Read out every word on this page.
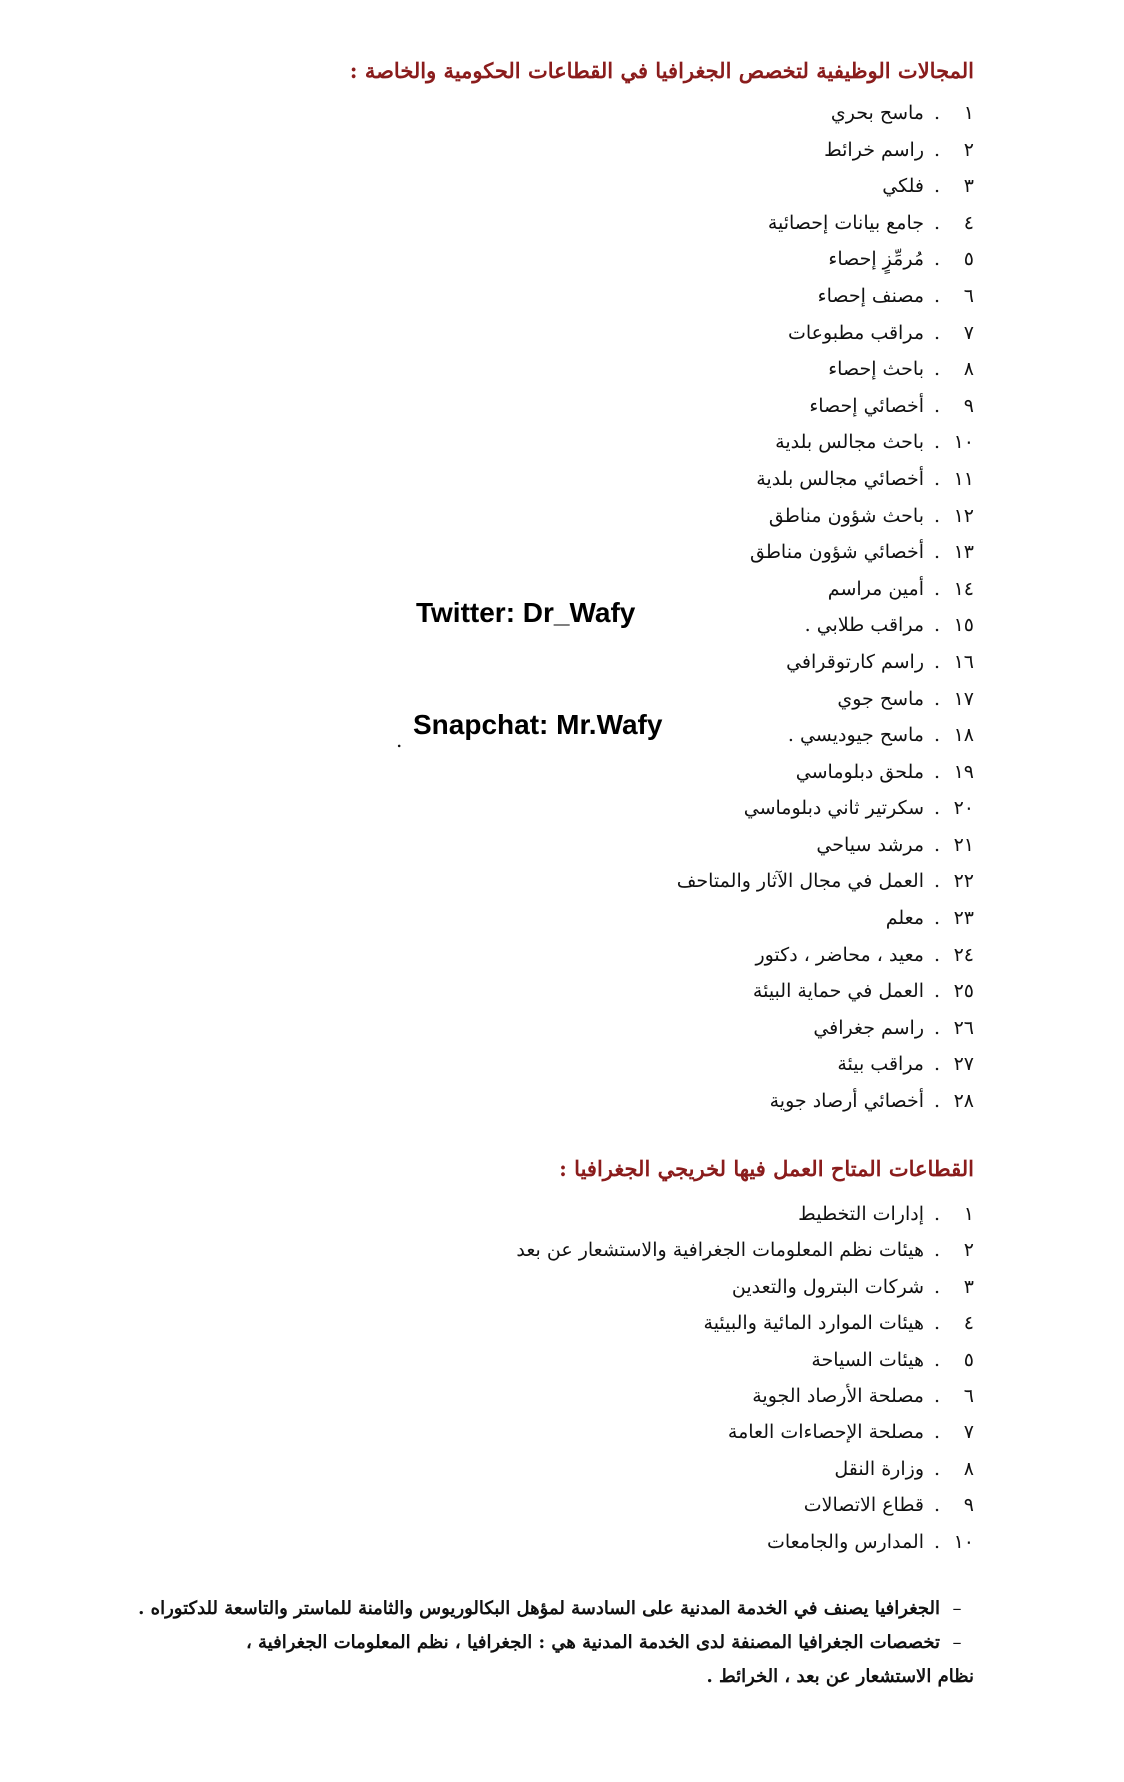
المجالات الوظيفية لتخصص الجغرافيا في القطاعات الحكومية والخاصة :
١.ماسح بحري
٢.راسم خرائط
٣.فلكي
٤.جامع بيانات إحصائية
٥.مُرمِّزٍ إحصاء
٦.مصنف إحصاء
٧.مراقب مطبوعات
٨.باحث إحصاء
٩.أخصائي إحصاء
١٠.باحث مجالس بلدية
١١.أخصائي مجالس بلدية
١٢.باحث شؤون مناطق
١٣.أخصائي شؤون مناطق
١٤.أمين مراسم
١٥.مراقب طلابي .
١٦.راسم كارتوقرافي
١٧.ماسح جوي
١٨.ماسح جيوديسي .
١٩.ملحق دبلوماسي
٢٠.سكرتير ثاني دبلوماسي
٢١.مرشد سياحي
٢٢.العمل في مجال الآثار والمتاحف
٢٣.معلم
٢٤.معيد ، محاضر ، دكتور
٢٥.العمل في حماية البيئة
٢٦.راسم جغرافي
٢٧.مراقب بيئة
٢٨.أخصائي أرصاد جوية
القطاعات المتاح العمل فيها لخريجي الجغرافيا :
١.إدارات التخطيط
٢.هيئات نظم المعلومات الجغرافية والاستشعار عن بعد
٣.شركات البترول والتعدين
٤.هيئات الموارد المائية والبيئية
٥.هيئات السياحة
٦.مصلحة الأرصاد الجوية
٧.مصلحة الإحصاءات العامة
٨.وزارة النقل
٩.قطاع الاتصالات
١٠.المدارس والجامعات
Twitter: Dr_Wafy
Snapchat: Mr.Wafy
.
–الجغرافيا يصنف في الخدمة المدنية على السادسة لمؤهل البكالوريوس والثامنة للماستر والتاسعة للدكتوراه .
–تخصصات الجغرافيا المصنفة لدى الخدمة المدنية هي : الجغرافيا ، نظم المعلومات الجغرافية ،
نظام الاستشعار عن بعد ، الخرائط .
